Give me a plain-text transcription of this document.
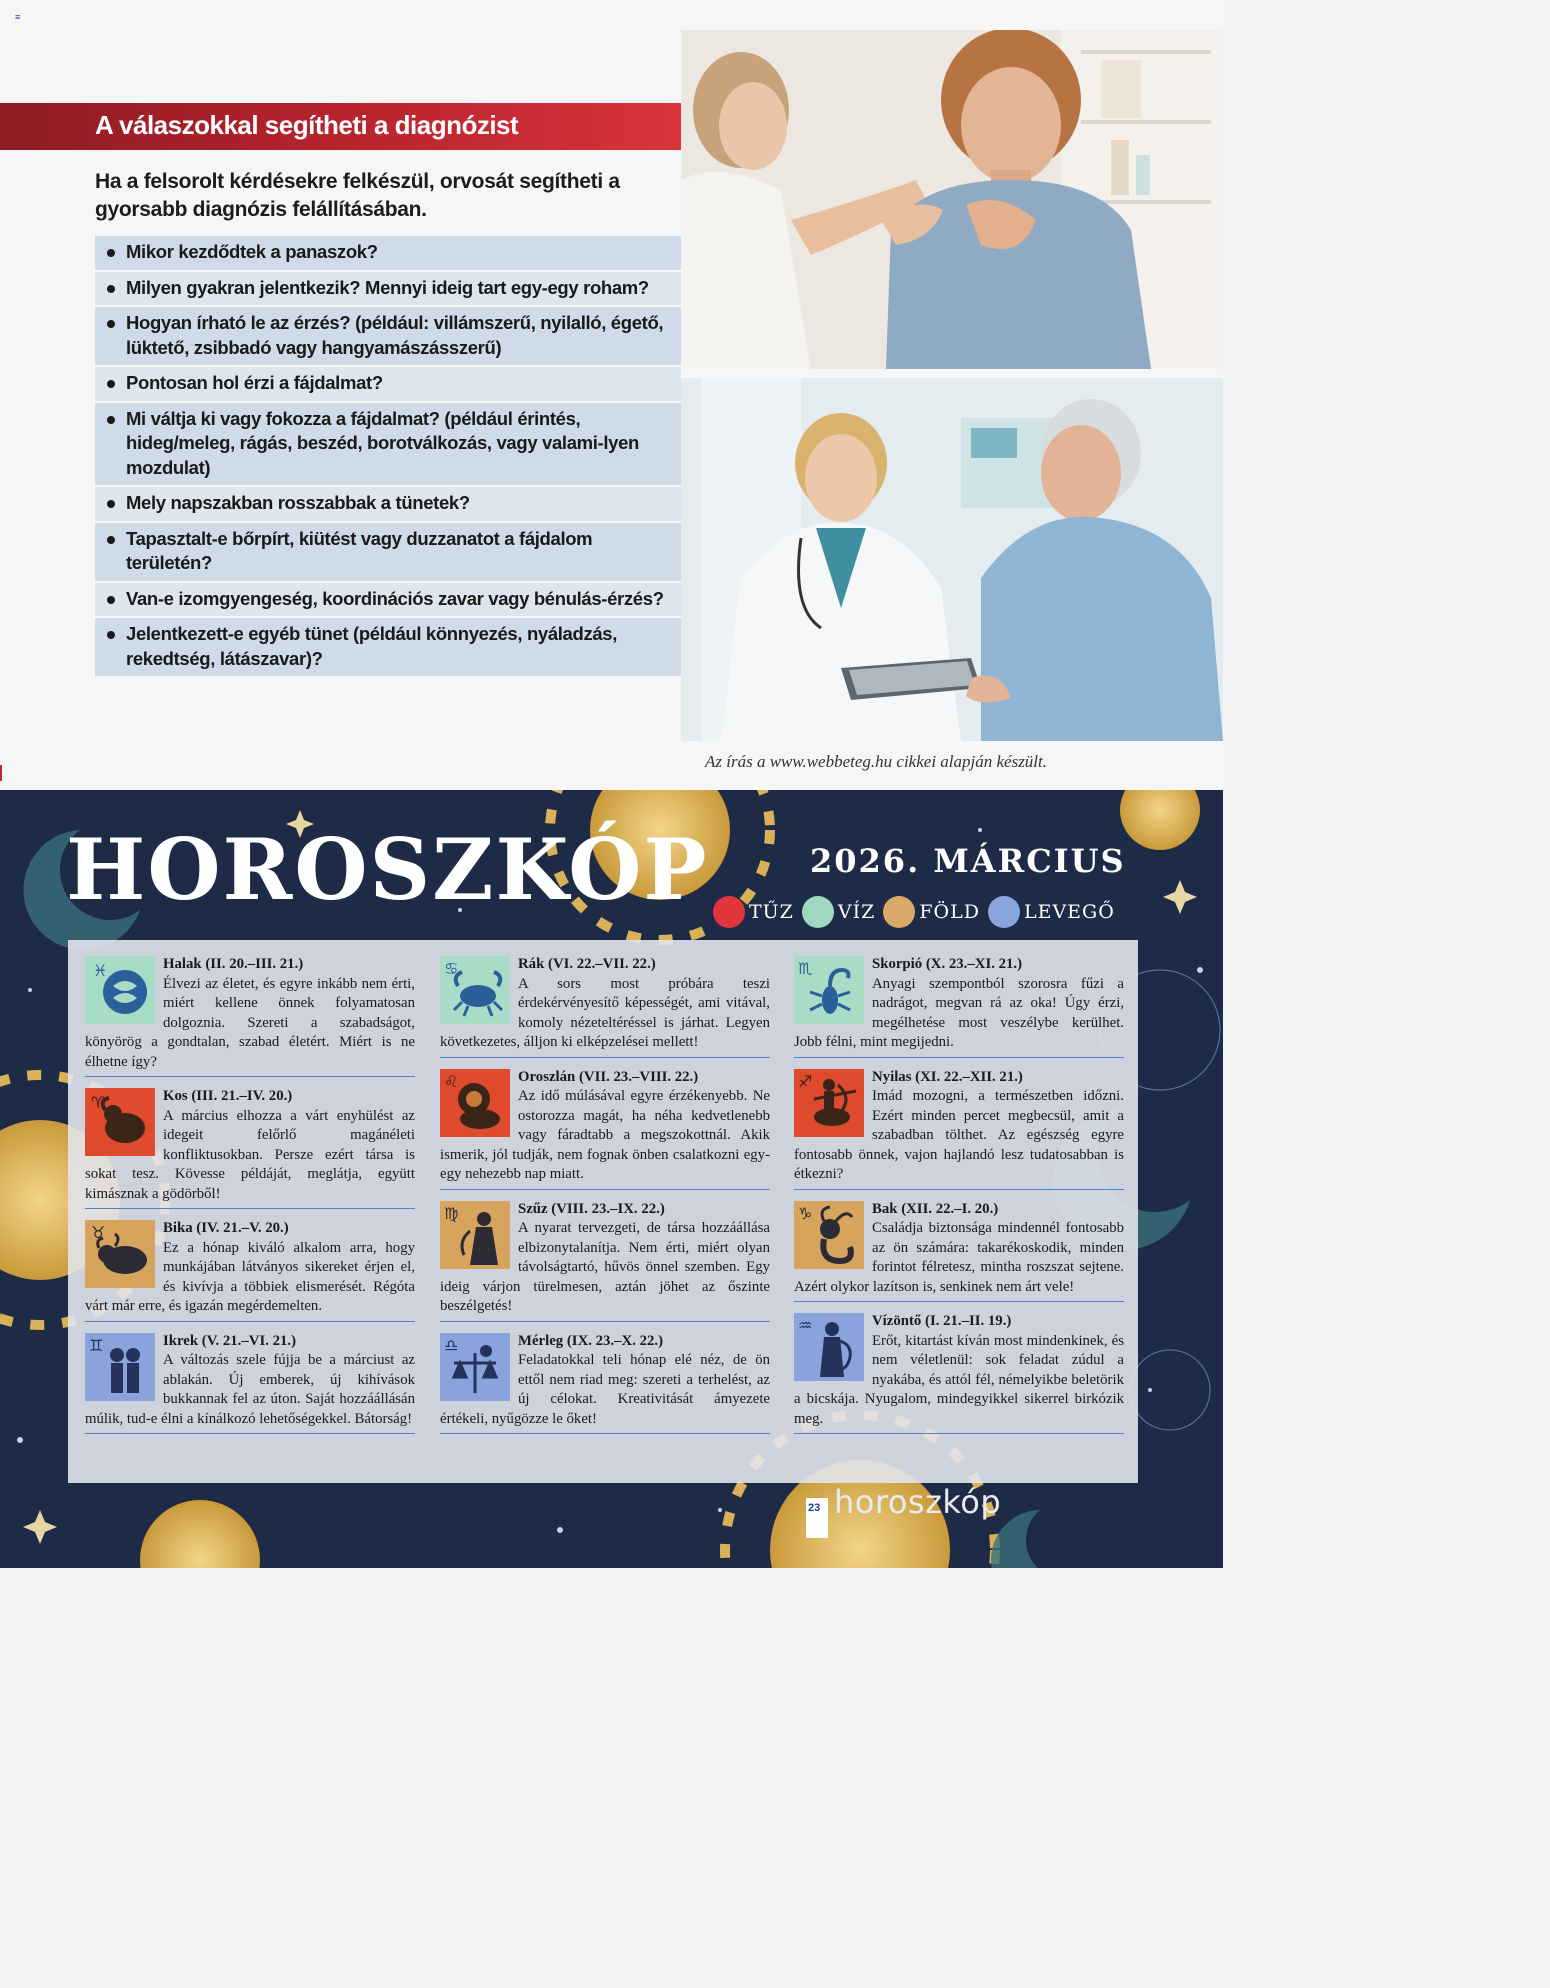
≡
A válaszokkal segítheti a diagnózist
Ha a felsorolt kérdésekre felkészül, orvosát segítheti a gyorsabb diagnózis felállításában.
Mikor kezdődtek a panaszok?
Milyen gyakran jelentkezik? Mennyi ideig tart egy-egy roham?
Hogyan írható le az érzés? (például: villámszerű, nyilalló, égető, lüktető, zsibbadó vagy hangyamászásszerű)
Pontosan hol érzi a fájdalmat?
Mi váltja ki vagy fokozza a fájdalmat? (például érintés, hideg/meleg, rágás, beszéd, borotválkozás, vagy valami-lyen mozdulat)
Mely napszakban rosszabbak a tünetek?
Tapasztalt-e bőrpírt, kiütést vagy duzzanatot a fájdalom területén?
Van-e izomgyengeség, koordinációs zavar vagy bénulás-érzés?
Jelentkezett-e egyéb tünet (például könnyezés, nyáladzás, rekedtség, látászavar)?
Az írás a www.webbeteg.hu cikkei alapján készült.
HOROSZKÓP	2026. MÁRCIUS
TŰZ VÍZ FÖLD LEVEGŐ
♓	Halak (II. 20.–III. 21.)
Élvezi az életet, és egyre inkább nem érti, miért kellene önnek folyamatosan dolgoznia. Szereti a szabadságot, könyörög a gondtalan, szabad életért. Miért is ne élhetne így?
♈	Kos (III. 21.–IV. 20.)
A március elhozza a várt enyhülést az idegeit felőrlő magánéleti konfliktusokban. Persze ezért társa is sokat tesz. Kövesse példáját, meglátja, együtt kimásznak a gödörből!
♉	Bika (IV. 21.–V. 20.)
Ez a hónap kiváló alkalom arra, hogy munkájában látványos sikereket érjen el, és kivívja a többiek elismerését. Régóta várt már erre, és igazán megérdemelten.
♊	Ikrek (V. 21.–VI. 21.)
A változás szele fújja be a márciust az ablakán. Új emberek, új kihívások bukkannak fel az úton. Saját hozzáállásán múlik, tud-e élni a kínálkozó lehetőségekkel. Bátorság!
♋	Rák (VI. 22.–VII. 22.)
A sors most próbára teszi érdekérvényesítő képességét, ami vitával, komoly nézeteltéréssel is járhat. Legyen következetes, álljon ki elképzelései mellett!
♌	Oroszlán (VII. 23.–VIII. 22.)
Az idő múlásával egyre érzékenyebb. Ne ostorozza magát, ha néha kedvetlenebb vagy fáradtabb a megszokottnál. Akik ismerik, jól tudják, nem fognak önben csalatkozni egy-egy nehezebb nap miatt.
♍	Szűz (VIII. 23.–IX. 22.)
A nyarat tervezgeti, de társa hozzáállása elbizonytalanítja. Nem érti, miért olyan távolságtartó, hűvös önnel szemben. Egy ideig várjon türelmesen, aztán jöhet az őszinte beszélgetés!
♎	Mérleg (IX. 23.–X. 22.)
Feladatokkal teli hónap elé néz, de ön ettől nem riad meg: szereti a terhelést, az új célokat. Kreativitását ámyezete értékeli, nyűgözze le őket!
♏	Skorpió (X. 23.–XI. 21.)
Anyagi szempontból szorosra fűzi a nadrágot, megvan rá az oka! Úgy érzi, megélhetése most veszélybe kerülhet. Jobb félni, mint megijedni.
♐	Nyilas (XI. 22.–XII. 21.)
Imád mozogni, a természetben időzni. Ezért minden percet megbecsül, amit a szabadban tölthet. Az egészség egyre fontosabb önnek, vajon hajlandó lesz tudatosabban is étkezni?
♑	Bak (XII. 22.–I. 20.)
Családja biztonsága mindennél fontosabb az ön számára: takarékoskodik, minden forintot félretesz, mintha roszszat sejtene. Azért olykor lazítson is, senkinek nem árt vele!
♒	Vízöntő (I. 21.–II. 19.)
Erőt, kitartást kíván most mindenkinek, és nem véletlenül: sok feladat zúdul a nyakába, és attól fél, némelyikbe beletörik a bicskája. Nyugalom, mindegyikkel sikerrel birkózik meg.
23 horoszkóp
